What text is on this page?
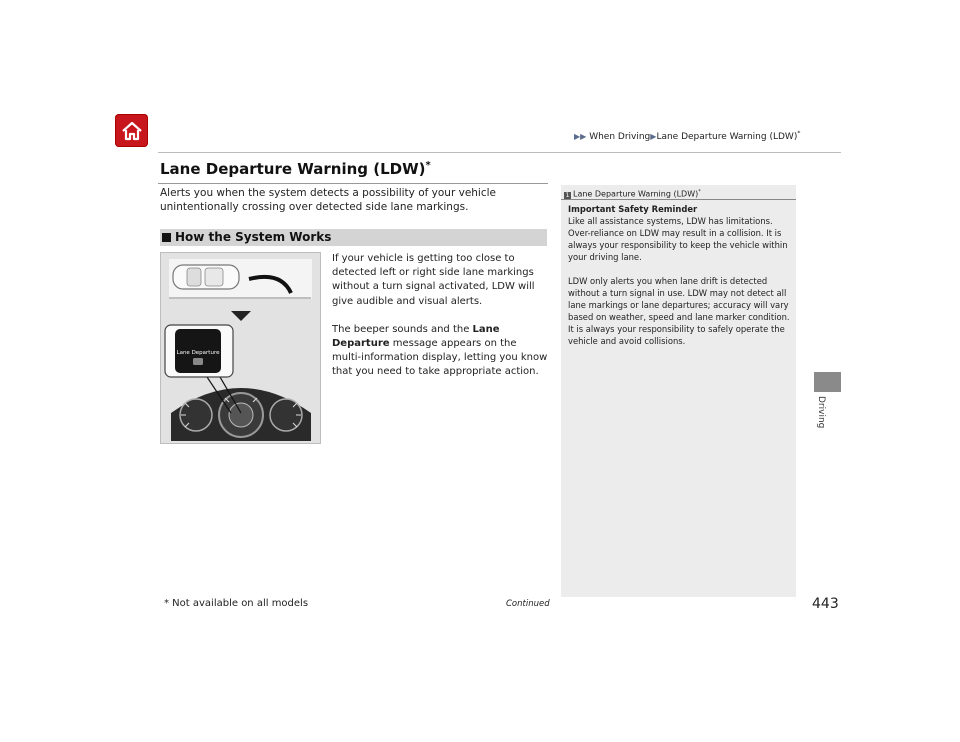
▶▶ When Driving▶Lane Departure Warning (LDW)*
Lane Departure Warning (LDW)*
Alerts you when the system detects a possibility of your vehicle unintentionally crossing over detected side lane markings.
How the System Works
Lane Departure

If your vehicle is getting too close to detected left or right side lane markings without a turn signal activated, LDW will give audible and visual alerts.

The beeper sounds and the Lane Departure message appears on the multi-information display, letting you know that you need to take appropriate action.

1 Lane Departure Warning (LDW)*
Important Safety Reminder

Like all assistance systems, LDW has limitations. Over-reliance on LDW may result in a collision. It is always your responsibility to keep the vehicle within your driving lane.

LDW only alerts you when lane drift is detected without a turn signal in use. LDW may not detect all lane markings or lane departures; accuracy will vary based on weather, speed and lane marker condition. It is always your responsibility to safely operate the vehicle and avoid collisions.

Driving
Continued	443
* Not available on all models
